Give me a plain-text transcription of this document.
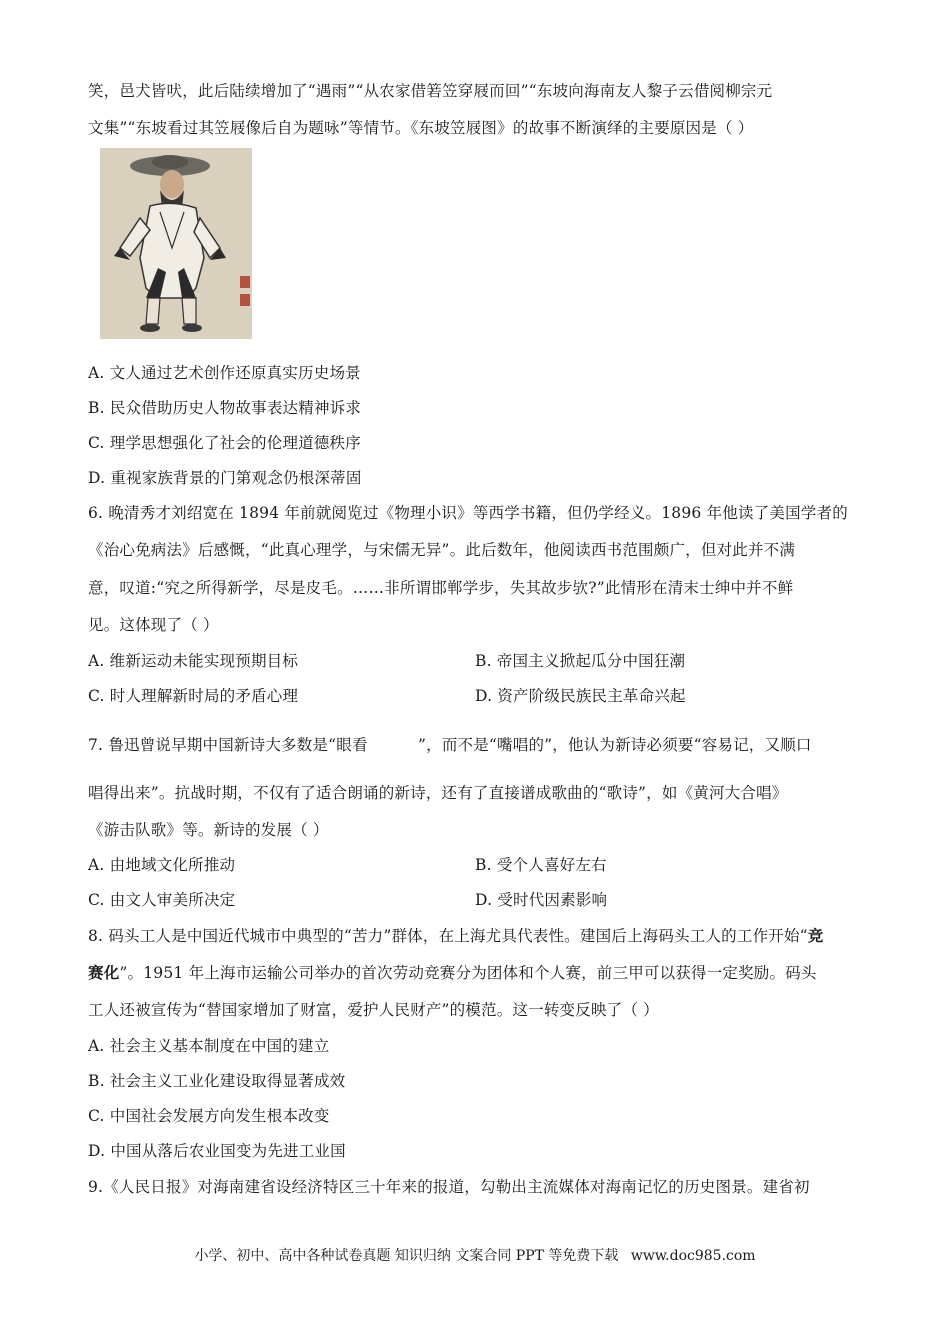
笑，邑犬皆吠，此后陆续增加了“遇雨”“从农家借箬笠穿屐而回”“东坡向海南友人黎子云借阅柳宗元
文集”“东坡看过其笠屐像后自为题咏”等情节。《东坡笠屐图》的故事不断演绎的主要原因是（ ）
A. 文人通过艺术创作还原真实历史场景
B. 民众借助历史人物故事表达精神诉求
C. 理学思想强化了社会的伦理道德秩序
D. 重视家族背景的门第观念仍根深蒂固
6. 晚清秀才刘绍宽在 1894 年前就阅览过《物理小识》等西学书籍，但仍学经义。1896 年他读了美国学者的
《治心免病法》后感慨，“此真心理学，与宋儒无异”。此后数年，他阅读西书范围颇广，但对此并不满
意，叹道:“究之所得新学，尽是皮毛。……非所谓邯郸学步，失其故步欤?”此情形在清末士绅中并不鲜
见。这体现了（ ）
A. 维新运动未能实现预期目标	B. 帝国主义掀起瓜分中国狂潮
C. 时人理解新时局的矛盾心理	D. 资产阶级民族民主革命兴起
7. 鲁迅曾说早期中国新诗大多数是“眼看	”，而不是“嘴唱的”，他认为新诗必须要“容易记，又顺口
唱得出来”。抗战时期，不仅有了适合朗诵的新诗，还有了直接谱成歌曲的“歌诗”，如《黄河大合唱》
《游击队歌》等。新诗的发展（ ）
A. 由地域文化所推动	B. 受个人喜好左右
C. 由文人审美所决定	D. 受时代因素影响
8. 码头工人是中国近代城市中典型的“苦力”群体，在上海尤具代表性。建国后上海码头工人的工作开始“竞
赛化”。1951 年上海市运输公司举办的首次劳动竞赛分为团体和个人赛，前三甲可以获得一定奖励。码头
工人还被宣传为“替国家增加了财富，爱护人民财产”的模范。这一转变反映了（ ）
A. 社会主义基本制度在中国的建立
B. 社会主义工业化建设取得显著成效
C. 中国社会发展方向发生根本改变
D. 中国从落后农业国变为先进工业国
9.《人民日报》对海南建省设经济特区三十年来的报道，勾勒出主流媒体对海南记忆的历史图景。建省初
小学、初中、高中各种试卷真题 知识归纳 文案合同 PPT 等免费下载 www.doc985.com
